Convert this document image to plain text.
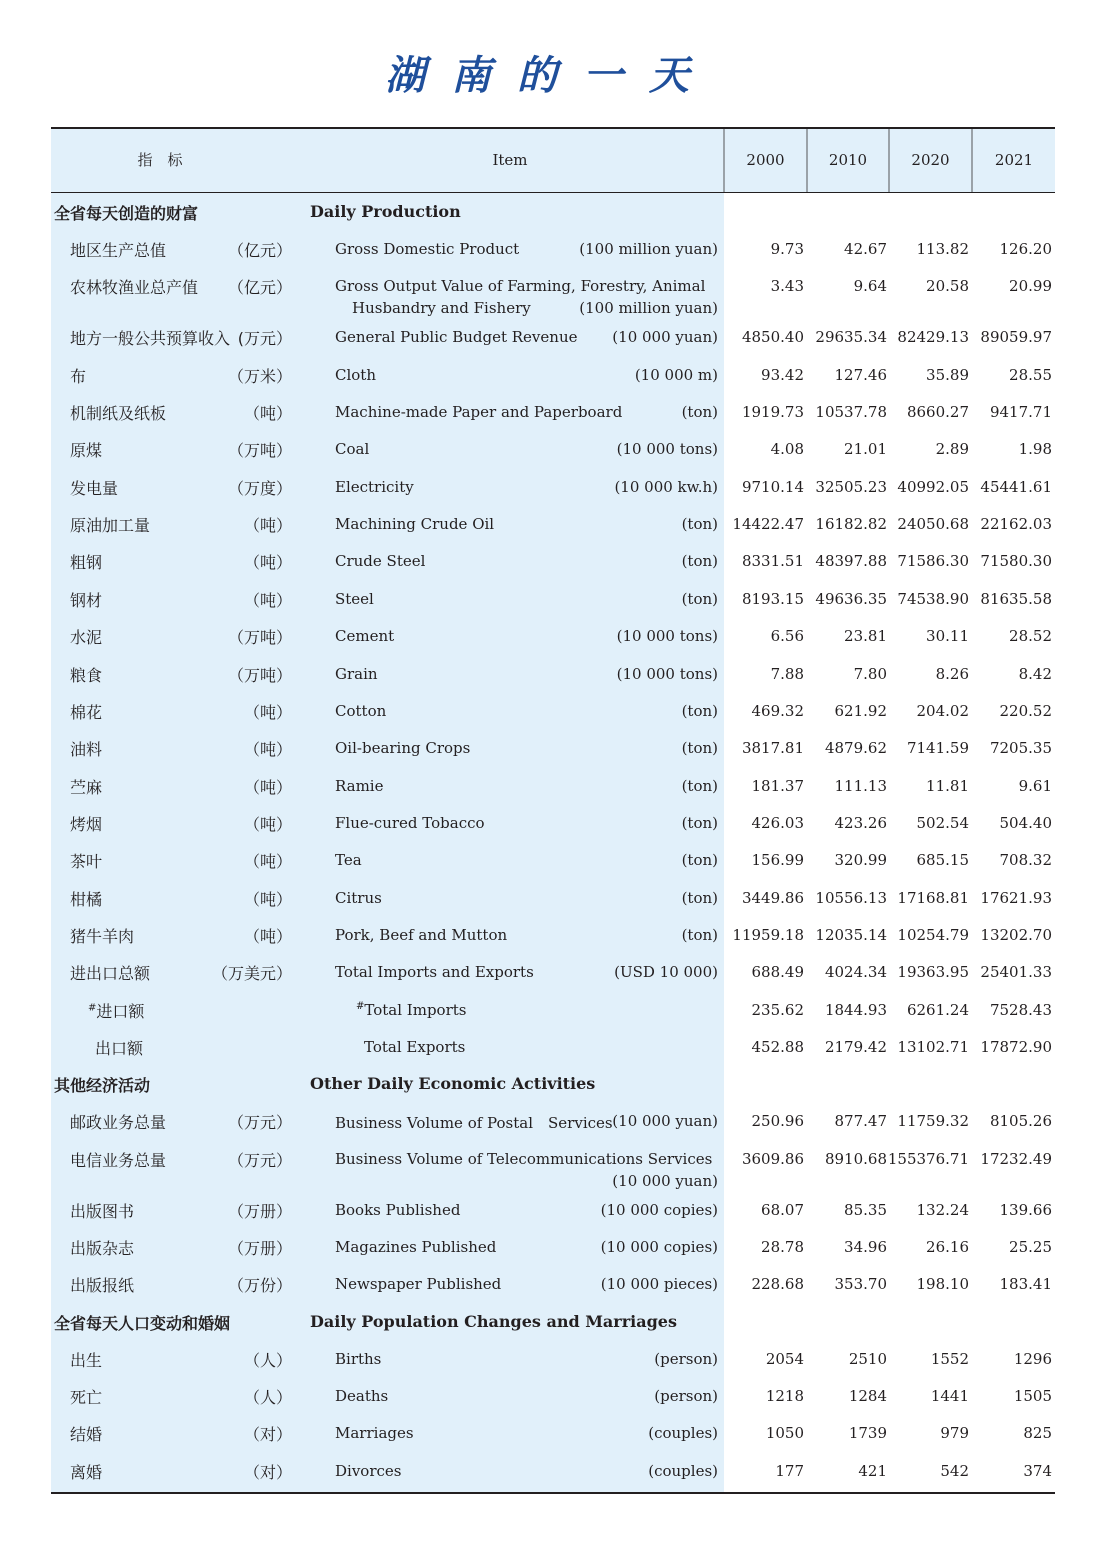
湖南的一天
指　标	Item	2000	2010	2020	2021
全省每天创造的财富	Daily Production
地区生产总值	（亿元）	Gross Domestic Product	(100 million yuan)	9.73	42.67 113.82 126.20
农林牧渔业总产值	（亿元）	Gross Output Value of Farming, Forestry, Animal
Husbandry and Fishery	(100 million yuan)
3.43	9.64	20.58	20.99
地方一般公共预算收入 (万元）	General Public Budget Revenue (10 000 yuan) 4850.40 29635.34 82429.13 89059.97
布	（万米）	Cloth	(10 000 m)	93.42 127.46	35.89	28.55
机制纸及纸板	（吨）	Machine-made Paper and Paperboard	(ton) 1919.73 10537.78 8660.27 9417.71
原煤	（万吨）	Coal	(10 000 tons)	4.08	21.01	2.89	1.98
发电量	（万度）	Electricity	(10 000 kw.h) 9710.14 32505.23 40992.05 45441.61
原油加工量	（吨）	Machining Crude Oil	(ton) 14422.47 16182.82 24050.68 22162.03
粗钢	（吨）	Crude Steel	(ton) 8331.51 48397.88 71586.30 71580.30
钢材	（吨）	Steel	(ton) 8193.15 49636.35 74538.90 81635.58
水泥	（万吨）	Cement	(10 000 tons)	6.56	23.81	30.11	28.52
粮食	（万吨）	Grain	(10 000 tons)	7.88	7.80	8.26	8.42
棉花	（吨）	Cotton	(ton) 469.32 621.92 204.02 220.52
油料	（吨）	Oil-bearing Crops	(ton) 3817.81 4879.62 7141.59 7205.35
苎麻	（吨）	Ramie	(ton) 181.37 111.13	11.81	9.61
烤烟	（吨）	Flue-cured Tobacco	(ton) 426.03 423.26 502.54 504.40
茶叶	（吨）	Tea	(ton) 156.99 320.99 685.15 708.32
柑橘	（吨）	Citrus	(ton) 3449.86 10556.13 17168.81 17621.93
猪牛羊肉	（吨）	Pork, Beef and Mutton	(ton) 11959.18 12035.14 10254.79 13202.70
进出口总额	（万美元）	Total Imports and Exports	(USD 10 000) 688.49 4024.34 19363.95 25401.33
#进口额	#Total Imports	235.62 1844.93 6261.24 7528.43
出口额	Total Exports	452.88 2179.42 13102.71 17872.90
其他经济活动	Other Daily Economic Activities
邮政业务总量	（万元）	Business Volume of Postal　Services (10 000 yuan) 250.96 877.47 11759.32 8105.26
电信业务总量	（万元）	Business Volume of Telecommunications Services
(10 000 yuan)
3609.86 8910.68 155376.71 17232.49
出版图书	（万册）	Books Published	(10 000 copies)	68.07	85.35 132.24 139.66
出版杂志	（万册）	Magazines Published	(10 000 copies)	28.78	34.96	26.16	25.25
出版报纸	（万份）	Newspaper Published	(10 000 pieces) 228.68 353.70 198.10 183.41
全省每天人口变动和婚姻	Daily Population Changes and Marriages
出生	（人）	Births	(person)	2054	2510	1552	1296
死亡	（人）	Deaths	(person)	1218	1284	1441	1505
结婚	（对）	Marriages	(couples)	1050	1739	979	825
离婚	（对）	Divorces	(couples)	177	421	542	374
